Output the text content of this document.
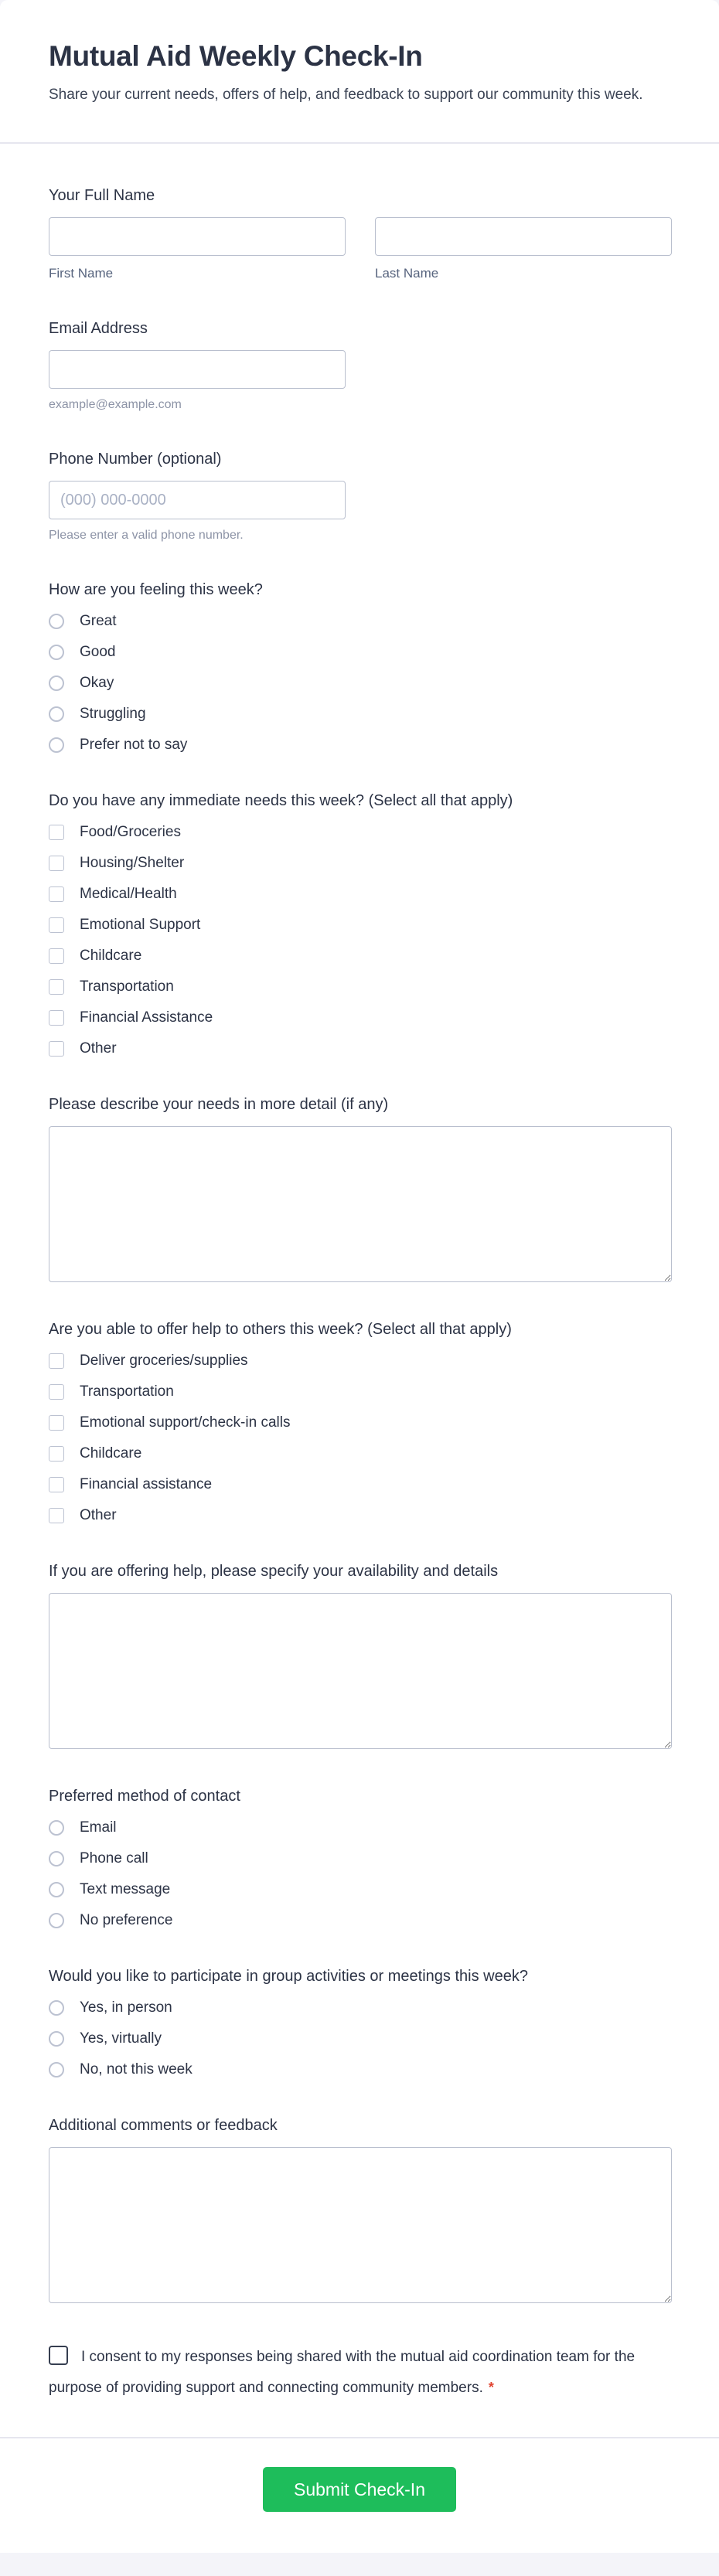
Mutual Aid Weekly Check-In

Share your current needs, offers of help, and feedback to support our community this week.

Your Full Name
First Name	Last Name
Email Address
example@example.com
Phone Number (optional)
(000) 000-0000
Please enter a valid phone number.
How are you feeling this week?
Great
Good
Okay
Struggling
Prefer not to say
Do you have any immediate needs this week? (Select all that apply)
Food/Groceries
Housing/Shelter
Medical/Health
Emotional Support
Childcare
Transportation
Financial Assistance
Other
Please describe your needs in more detail (if any)
Are you able to offer help to others this week? (Select all that apply)
Deliver groceries/supplies
Transportation
Emotional support/check-in calls
Childcare
Financial assistance
Other
If you are offering help, please specify your availability and details
Preferred method of contact
Email
Phone call
Text message
No preference
Would you like to participate in group activities or meetings this week?
Yes, in person
Yes, virtually
No, not this week
Additional comments or feedback
I consent to my responses being shared with the mutual aid coordination team for the purpose of providing support and connecting community members. *
Submit Check-In
